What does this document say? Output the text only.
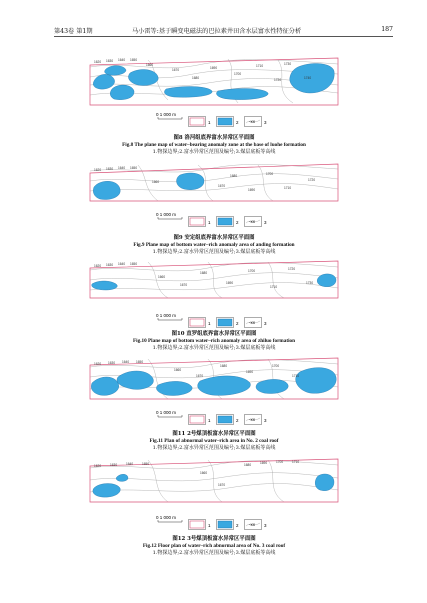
第43卷 第1期	马小雷等:基于瞬变电磁法的巴拉素井田含水层富水性特征分析	187
1620 1630 1640 1650
1660
1670
1680
1690
1700
1710
1720
1730
1740
0 1 000 m
1	2 -xx 3
图8 洛河组底界富水异常区平面图
Fig.8 The plane map of water–bearing anomaly zone at the base of luohe formation
1.物探边界;2.富水异常区范围及编号;3.煤层底板等高线
1620 1630 1640 1650
1660
1670
1680
1690
1700
1710
1720
0 1 000 m
1	2 -xx 3
图9 安定组底界富水异常区平面图
Fig.9 Plane map of bottom water–rich anomaly area of anding formation
1.物探边界;2.富水异常区范围及编号;3.煤层底板等高线
1620 1630 1640 1650
1660
1670
1680
1690
1700
1710
1720
1730
0 1 000 m
1	2 -xx 3
图10 直罗组底界富水异常区平面图
Fig.10 Plane map of bottom water–rich anomaly area of zhiluo formation
1.物探边界;2.富水异常区范围及编号;3.煤层底板等高线
1620 1630 1640 1650
1660
1670
1680
1690
1700
1710
0 1 000 m
1	2 -xx 3
图11 2号煤顶板富水异常区平面图
Fig.11 Plan of abnormal water–rich area in No. 2 coal roof
1.物探边界;2.富水异常区范围及编号;3.煤层底板等高线
1620	1630	1640	1650
1660
1670
1680	1690	1700	1710
0 1 000 m
1	2 -xx 3
图12 3号煤顶板富水异常区平面图
Fig.12 Floor plan of water–rich abnormal area of No. 3 coal roof
1.物探边界;2.富水异常区范围及编号;3.煤层底板等高线
